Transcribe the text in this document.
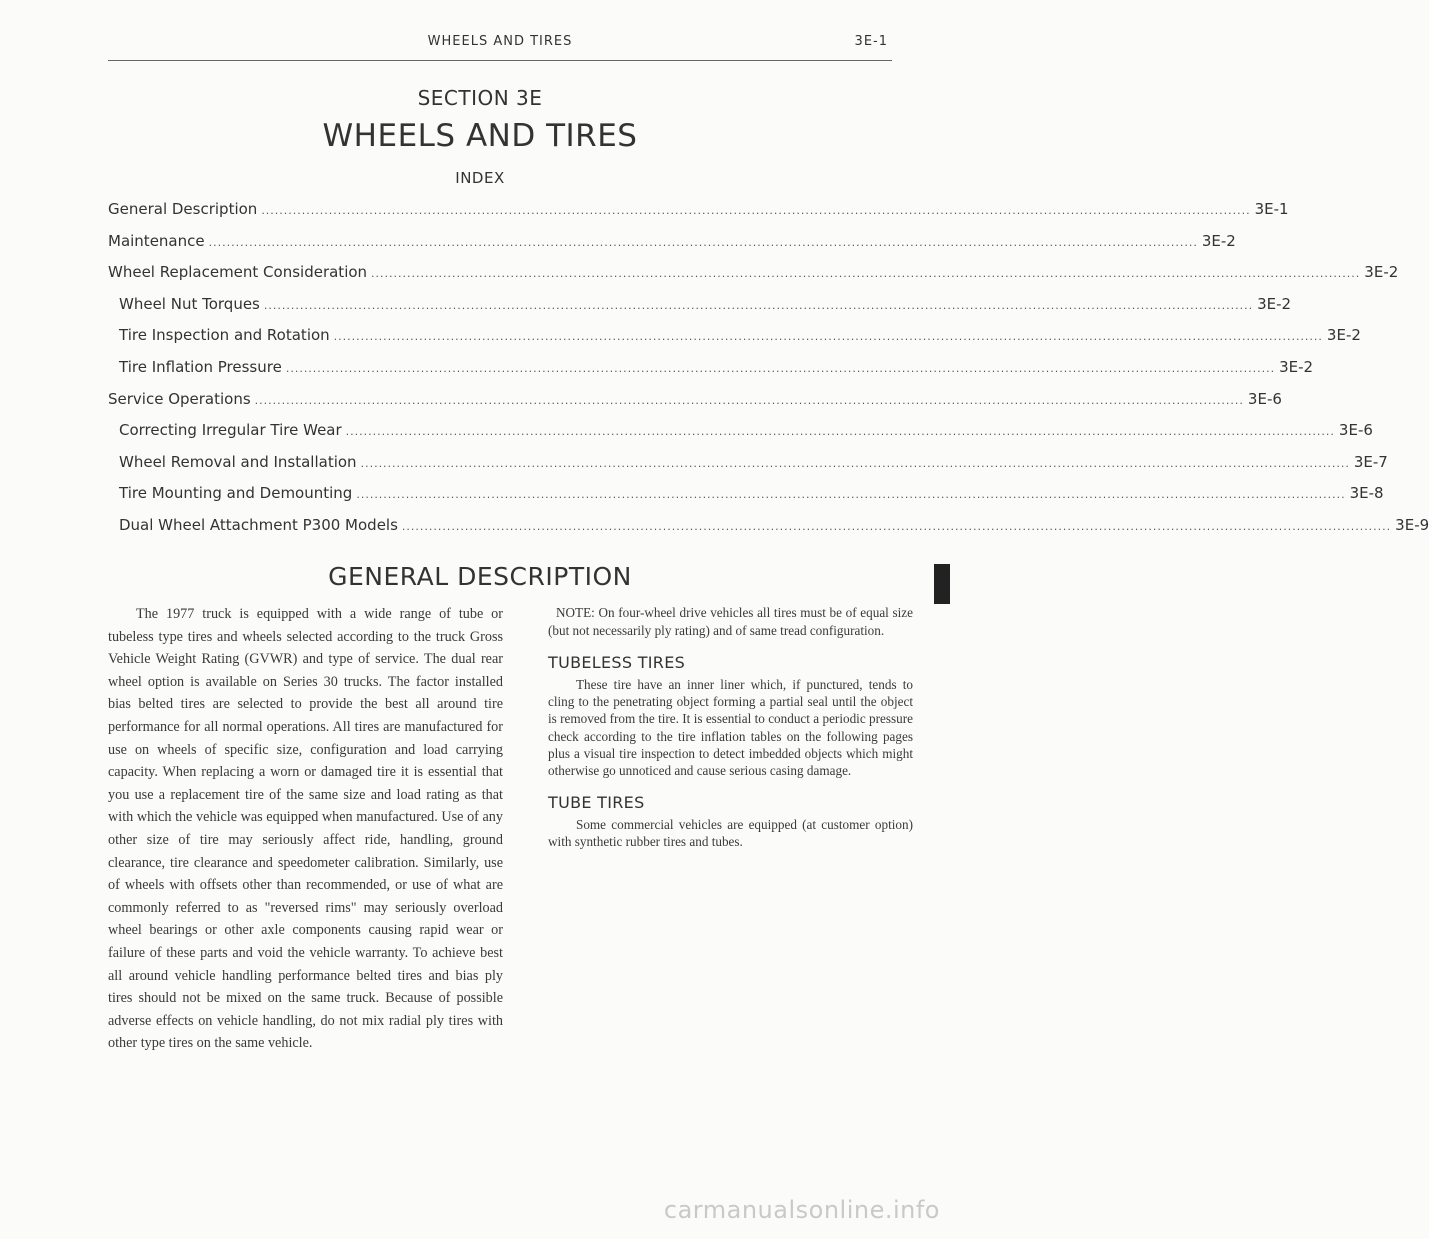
WHEELS AND TIRES	3E-1
SECTION 3E
WHEELS AND TIRES
INDEX
General Description ............................................................................................................................................................................................................................ 3E-1
Maintenance ............................................................................................................................................................................................................................ 3E-2
Wheel Replacement Consideration ............................................................................................................................................................................................................................ 3E-2
Wheel Nut Torques ............................................................................................................................................................................................................................ 3E-2
Tire Inspection and Rotation ............................................................................................................................................................................................................................ 3E-2
Tire Inflation Pressure ............................................................................................................................................................................................................................ 3E-2
Service Operations ............................................................................................................................................................................................................................ 3E-6
Correcting Irregular Tire Wear ............................................................................................................................................................................................................................ 3E-6
Wheel Removal and Installation ............................................................................................................................................................................................................................ 3E-7
Tire Mounting and Demounting ............................................................................................................................................................................................................................ 3E-8
Dual Wheel Attachment P300 Models ............................................................................................................................................................................................................................ 3E-9
GENERAL DESCRIPTION
The 1977 truck is equipped with a wide range of tube or tubeless type tires and wheels selected according to the truck Gross Vehicle Weight Rating (GVWR) and type of service. The dual rear wheel option is available on Series 30 trucks. The factor installed bias belted tires are selected to provide the best all around tire performance for all normal operations. All tires are manufactured for use on wheels of specific size, configuration and load carrying capacity. When replacing a worn or damaged tire it is essential that you use a replacement tire of the same size and load rating as that with which the vehicle was equipped when manufactured. Use of any other size of tire may seriously affect ride, handling, ground clearance, tire clearance and speedometer calibration. Similarly, use of wheels with offsets other than recommended, or use of what are commonly referred to as "reversed rims" may seriously overload wheel bearings or other axle components causing rapid wear or failure of these parts and void the vehicle warranty. To achieve best all around vehicle handling performance belted tires and bias ply tires should not be mixed on the same truck. Because of possible adverse effects on vehicle handling, do not mix radial ply tires with other type tires on the same vehicle.
NOTE: On four-wheel drive vehicles all tires must be of equal size (but not necessarily ply rating) and of same tread configuration.
TUBELESS TIRES
These tire have an inner liner which, if punctured, tends to cling to the penetrating object forming a partial seal until the object is removed from the tire. It is essential to conduct a periodic pressure check according to the tire inflation tables on the following pages plus a visual tire inspection to detect imbedded objects which might otherwise go unnoticed and cause serious casing damage.
TUBE TIRES
Some commercial vehicles are equipped (at customer option) with synthetic rubber tires and tubes.
carmanualsonline.info
